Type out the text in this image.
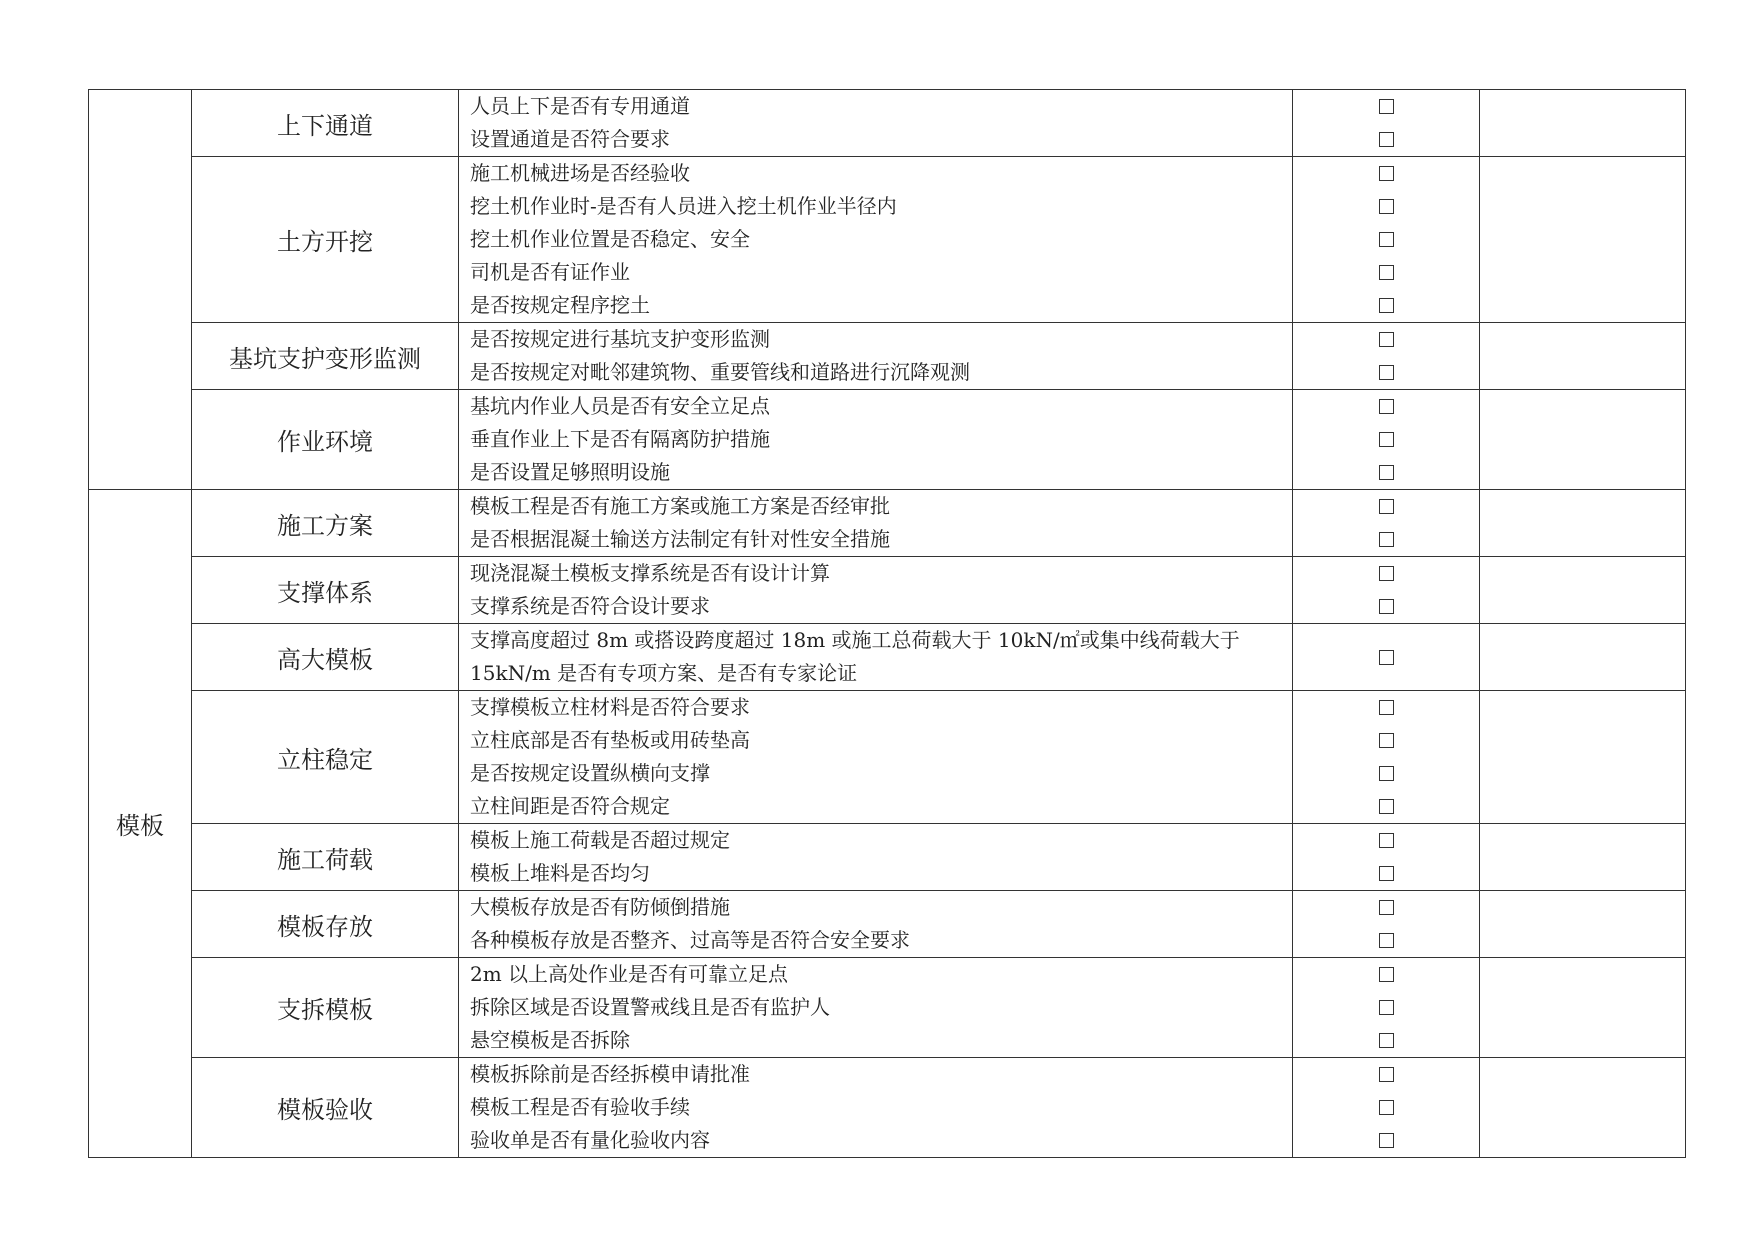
	上下通道	人员上下是否有专用通道
设置通道是否符合要求		

	土方开挖	施工机械进场是否经验收
挖土机作业时-是否有人员进入挖土机作业半径内
挖土机作业位置是否稳定、安全
司机是否有证作业
是否按规定程序挖土		

	基坑支护变形监测	是否按规定进行基坑支护变形监测
是否按规定对毗邻建筑物、重要管线和道路进行沉降观测		

	作业环境	基坑内作业人员是否有安全立足点
垂直作业上下是否有隔离防护措施
是否设置足够照明设施		

模板	施工方案	模板工程是否有施工方案或施工方案是否经审批
是否根据混凝土输送方法制定有针对性安全措施		

	支撑体系	现浇混凝土模板支撑系统是否有设计计算
支撑系统是否符合设计要求		

	高大模板	支撑高度超过 8m 或搭设跨度超过 18m 或施工总荷载大于 10kN/㎡或集中线荷载大于 15kN/m 是否有专项方案、是否有专家论证		

	立柱稳定	支撑模板立柱材料是否符合要求
立柱底部是否有垫板或用砖垫高
是否按规定设置纵横向支撑
立柱间距是否符合规定		

	施工荷载	模板上施工荷载是否超过规定
模板上堆料是否均匀		

	模板存放	大模板存放是否有防倾倒措施
各种模板存放是否整齐、过高等是否符合安全要求		

	支拆模板	2m 以上高处作业是否有可靠立足点
拆除区域是否设置警戒线且是否有监护人
悬空模板是否拆除		

	模板验收	模板拆除前是否经拆模申请批准
模板工程是否有验收手续
验收单是否有量化验收内容		
